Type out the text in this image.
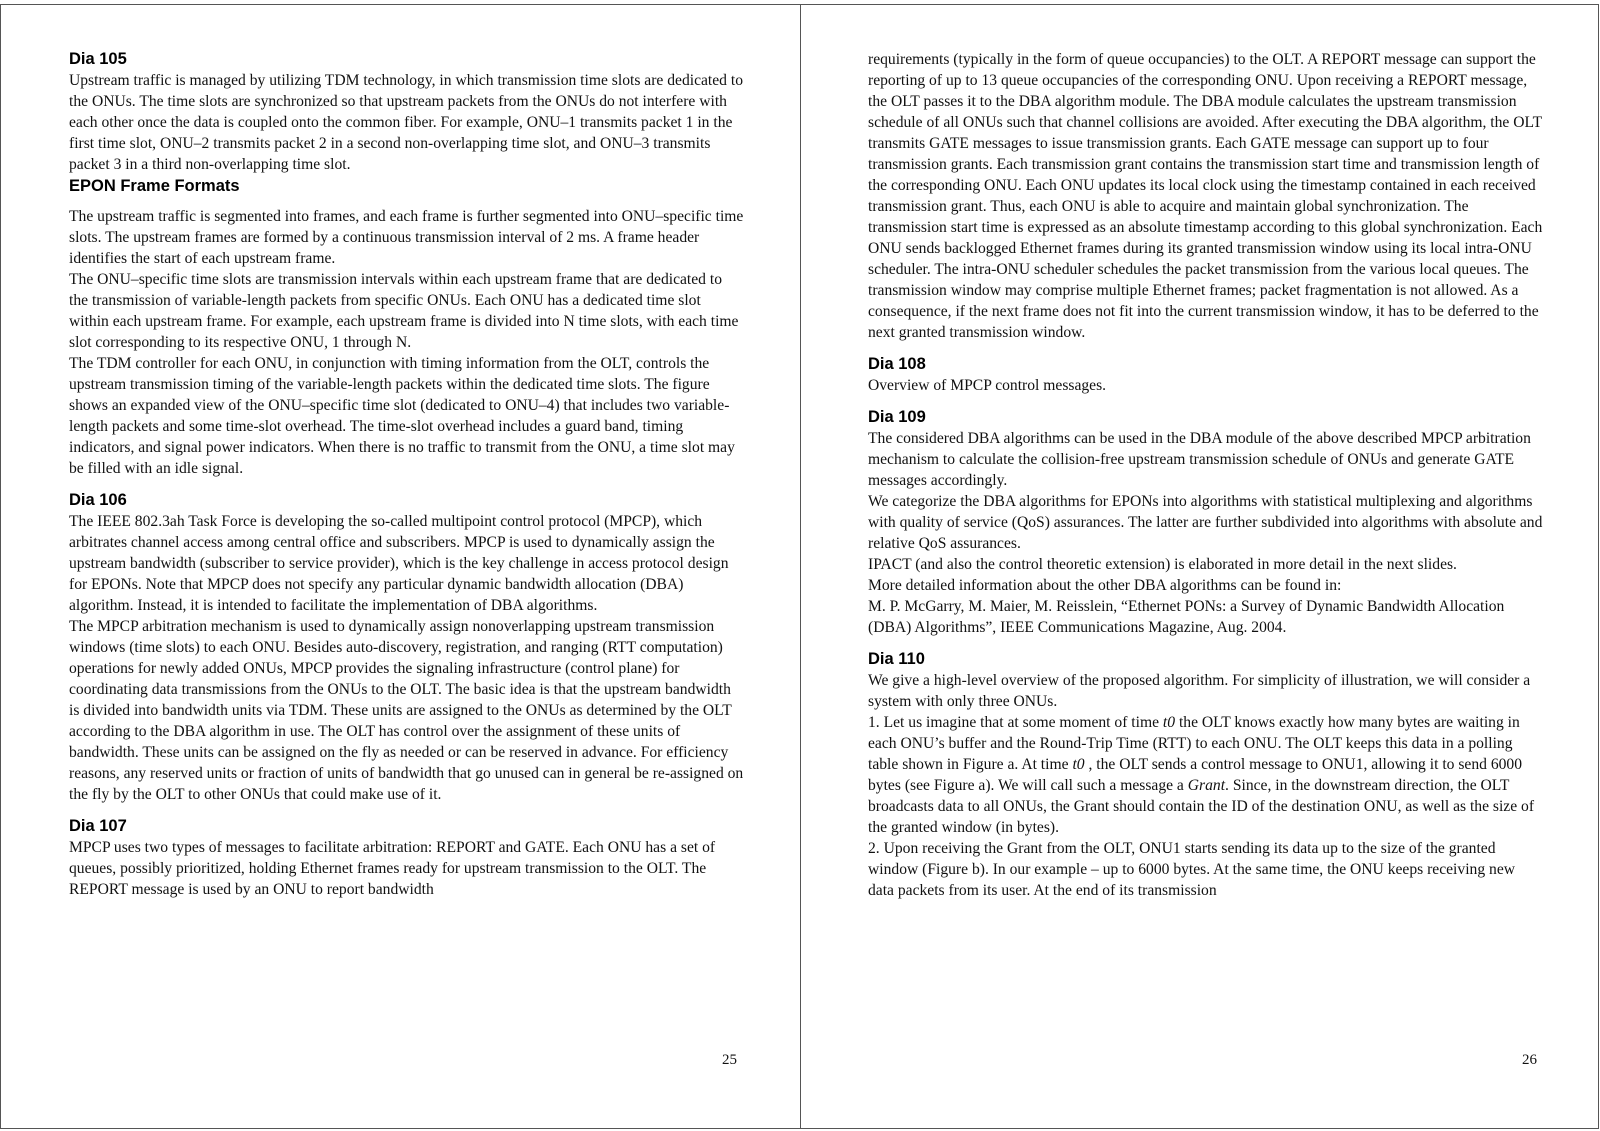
Dia 105

Upstream traffic is managed by utilizing TDM technology, in which transmission time slots are dedicated to the ONUs. The time slots are synchronized so that upstream packets from the ONUs do not interfere with each other once the data is coupled onto the common fiber. For example, ONU–1 transmits packet 1 in the first time slot, ONU–2 transmits packet 2 in a second non-overlapping time slot, and ONU–3 transmits packet 3 in a third non-overlapping time slot.

EPON Frame Formats

The upstream traffic is segmented into frames, and each frame is further segmented into ONU–specific time slots. The upstream frames are formed by a continuous transmission interval of 2 ms. A frame header identifies the start of each upstream frame.

The ONU–specific time slots are transmission intervals within each upstream frame that are dedicated to the transmission of variable-length packets from specific ONUs. Each ONU has a dedicated time slot within each upstream frame. For example, each upstream frame is divided into N time slots, with each time slot corresponding to its respective ONU, 1 through N.

The TDM controller for each ONU, in conjunction with timing information from the OLT, controls the upstream transmission timing of the variable-length packets within the dedicated time slots. The figure shows an expanded view of the ONU–specific time slot (dedicated to ONU–4) that includes two variable-length packets and some time-slot overhead. The time-slot overhead includes a guard band, timing indicators, and signal power indicators. When there is no traffic to transmit from the ONU, a time slot may be filled with an idle signal.

Dia 106

The IEEE 802.3ah Task Force is developing the so-called multipoint control protocol (MPCP), which arbitrates channel access among central office and subscribers. MPCP is used to dynamically assign the upstream bandwidth (subscriber to service provider), which is the key challenge in access protocol design for EPONs. Note that MPCP does not specify any particular dynamic bandwidth allocation (DBA) algorithm. Instead, it is intended to facilitate the implementation of DBA algorithms.

The MPCP arbitration mechanism is used to dynamically assign nonoverlapping upstream transmission windows (time slots) to each ONU. Besides auto-discovery, registration, and ranging (RTT computation) operations for newly added ONUs, MPCP provides the signaling infrastructure (control plane) for coordinating data transmissions from the ONUs to the OLT. The basic idea is that the upstream bandwidth is divided into bandwidth units via TDM. These units are assigned to the ONUs as determined by the OLT according to the DBA algorithm in use. The OLT has control over the assignment of these units of bandwidth. These units can be assigned on the fly as needed or can be reserved in advance. For efficiency reasons, any reserved units or fraction of units of bandwidth that go unused can in general be re-assigned on the fly by the OLT to other ONUs that could make use of it.

Dia 107

MPCP uses two types of messages to facilitate arbitration: REPORT and GATE. Each ONU has a set of queues, possibly prioritized, holding Ethernet frames ready for upstream transmission to the OLT. The REPORT message is used by an ONU to report bandwidth

25

requirements (typically in the form of queue occupancies) to the OLT. A REPORT message can support the reporting of up to 13 queue occupancies of the corresponding ONU. Upon receiving a REPORT message, the OLT passes it to the DBA algorithm module. The DBA module calculates the upstream transmission schedule of all ONUs such that channel collisions are avoided. After executing the DBA algorithm, the OLT transmits GATE messages to issue transmission grants. Each GATE message can support up to four transmission grants. Each transmission grant contains the transmission start time and transmission length of the corresponding ONU. Each ONU updates its local clock using the timestamp contained in each received transmission grant. Thus, each ONU is able to acquire and maintain global synchronization. The transmission start time is expressed as an absolute timestamp according to this global synchronization. Each ONU sends backlogged Ethernet frames during its granted transmission window using its local intra-ONU scheduler. The intra-ONU scheduler schedules the packet transmission from the various local queues. The transmission window may comprise multiple Ethernet frames; packet fragmentation is not allowed. As a consequence, if the next frame does not fit into the current transmission window, it has to be deferred to the next granted transmission window.

Dia 108

Overview of MPCP control messages.

Dia 109

The considered DBA algorithms can be used in the DBA module of the above described MPCP arbitration mechanism to calculate the collision-free upstream transmission schedule of ONUs and generate GATE messages accordingly.

We categorize the DBA algorithms for EPONs into algorithms with statistical multiplexing and algorithms with quality of service (QoS) assurances. The latter are further subdivided into algorithms with absolute and relative QoS assurances.

IPACT (and also the control theoretic extension) is elaborated in more detail in the next slides.

More detailed information about the other DBA algorithms can be found in:

M. P. McGarry, M. Maier, M. Reisslein, “Ethernet PONs: a Survey of Dynamic Bandwidth Allocation (DBA) Algorithms”, IEEE Communications Magazine, Aug. 2004.

Dia 110

We give a high-level overview of the proposed algorithm. For simplicity of illustration, we will consider a system with only three ONUs.

1. Let us imagine that at some moment of time t0 the OLT knows exactly how many bytes are waiting in each ONU’s buffer and the Round-Trip Time (RTT) to each ONU. The OLT keeps this data in a polling table shown in Figure a. At time t0 , the OLT sends a control message to ONU1, allowing it to send 6000 bytes (see Figure a). We will call such a message a Grant. Since, in the downstream direction, the OLT broadcasts data to all ONUs, the Grant should contain the ID of the destination ONU, as well as the size of the granted window (in bytes).

2. Upon receiving the Grant from the OLT, ONU1 starts sending its data up to the size of the granted window (Figure b). In our example – up to 6000 bytes. At the same time, the ONU keeps receiving new data packets from its user. At the end of its transmission

26
